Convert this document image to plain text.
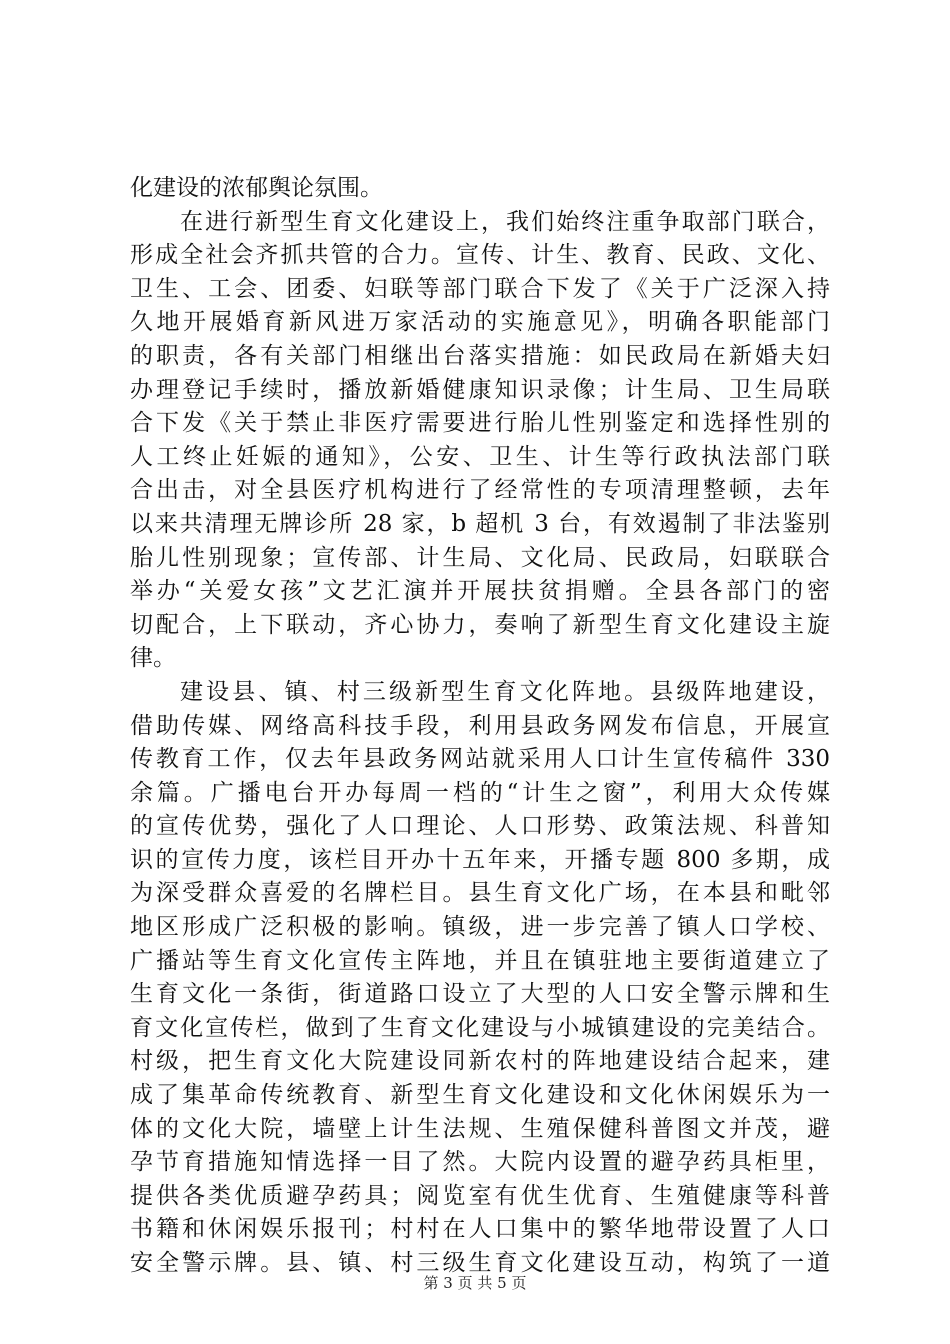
化建设的浓郁舆论氛围。
在进行新型生育文化建设上，我们始终注重争取部门联合，
形成全社会齐抓共管的合力。宣传、计生、教育、民政、文化、
卫生、工会、团委、妇联等部门联合下发了《关于广泛深入持
久地开展婚育新风进万家活动的实施意见》，明确各职能部门
的职责，各有关部门相继出台落实措施：如民政局在新婚夫妇
办理登记手续时，播放新婚健康知识录像；计生局、卫生局联
合下发《关于禁止非医疗需要进行胎儿性别鉴定和选择性别的
人工终止妊娠的通知》，公安、卫生、计生等行政执法部门联
合出击，对全县医疗机构进行了经常性的专项清理整顿，去年
以来共清理无牌诊所 28 家，b 超机 3 台，有效遏制了非法鉴别
胎儿性别现象；宣传部、计生局、文化局、民政局，妇联联合
举办“关爱女孩”文艺汇演并开展扶贫捐赠。全县各部门的密
切配合，上下联动，齐心协力，奏响了新型生育文化建设主旋
律。
建设县、镇、村三级新型生育文化阵地。县级阵地建设，
借助传媒、网络高科技手段，利用县政务网发布信息，开展宣
传教育工作，仅去年县政务网站就采用人口计生宣传稿件 330
余篇。广播电台开办每周一档的“计生之窗”，利用大众传媒
的宣传优势，强化了人口理论、人口形势、政策法规、科普知
识的宣传力度，该栏目开办十五年来，开播专题 800 多期，成
为深受群众喜爱的名牌栏目。县生育文化广场，在本县和毗邻
地区形成广泛积极的影响。镇级，进一步完善了镇人口学校、
广播站等生育文化宣传主阵地，并且在镇驻地主要街道建立了
生育文化一条街，街道路口设立了大型的人口安全警示牌和生
育文化宣传栏，做到了生育文化建设与小城镇建设的完美结合。
村级，把生育文化大院建设同新农村的阵地建设结合起来，建
成了集革命传统教育、新型生育文化建设和文化休闲娱乐为一
体的文化大院，墙壁上计生法规、生殖保健科普图文并茂，避
孕节育措施知情选择一目了然。大院内设置的避孕药具柜里，
提供各类优质避孕药具；阅览室有优生优育、生殖健康等科普
书籍和休闲娱乐报刊；村村在人口集中的繁华地带设置了人口
安全警示牌。县、镇、村三级生育文化建设互动，构筑了一道
第 3 页 共 5 页
